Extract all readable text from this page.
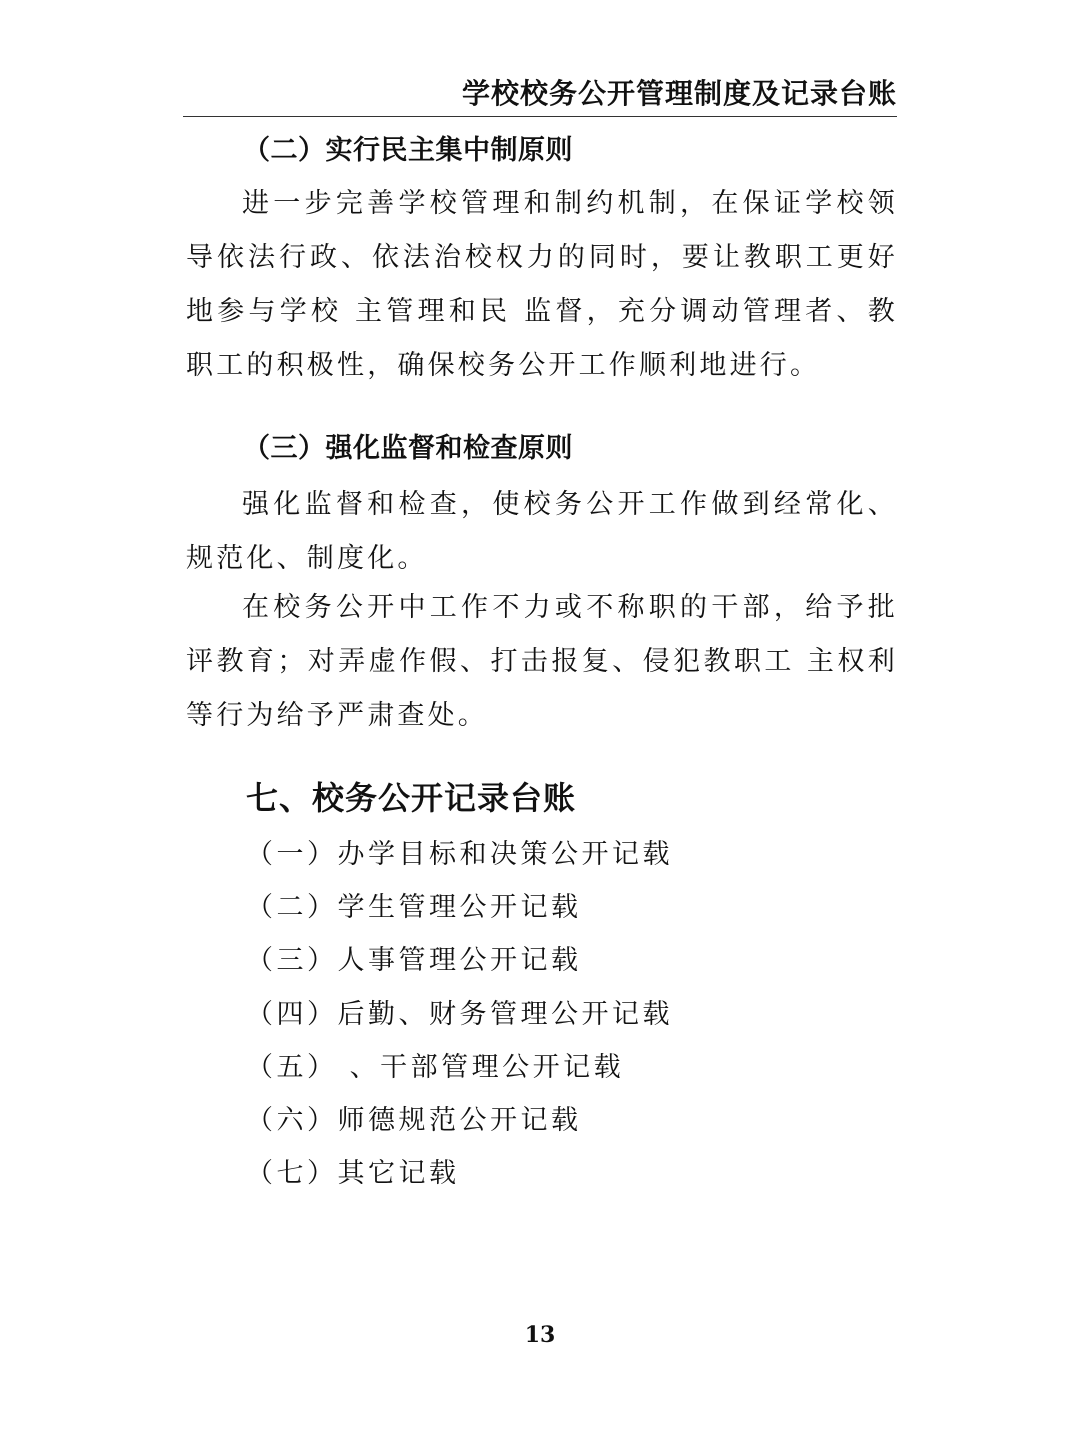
学校校务公开管理制度及记录台账
（二）实行民主集中制原则

进一步完善学校管理和制约机制，在保证学校领导依法行政、依法治校权力的同时，要让教职工更好地参与学校 主管理和民 监督，充分调动管理者、教职工的积极性，确保校务公开工作顺利地进行。

（三）强化监督和检查原则

强化监督和检查，使校务公开工作做到经常化、规范化、制度化。

在校务公开中工作不力或不称职的干部，给予批评教育；对弄虚作假、打击报复、侵犯教职工 主权利等行为给予严肃查处。

七、校务公开记录台账
（一）办学目标和决策公开记载
（二）学生管理公开记载
（三）人事管理公开记载
（四）后勤、财务管理公开记载
（五） 、干部管理公开记载
（六）师德规范公开记载
（七）其它记载
13
